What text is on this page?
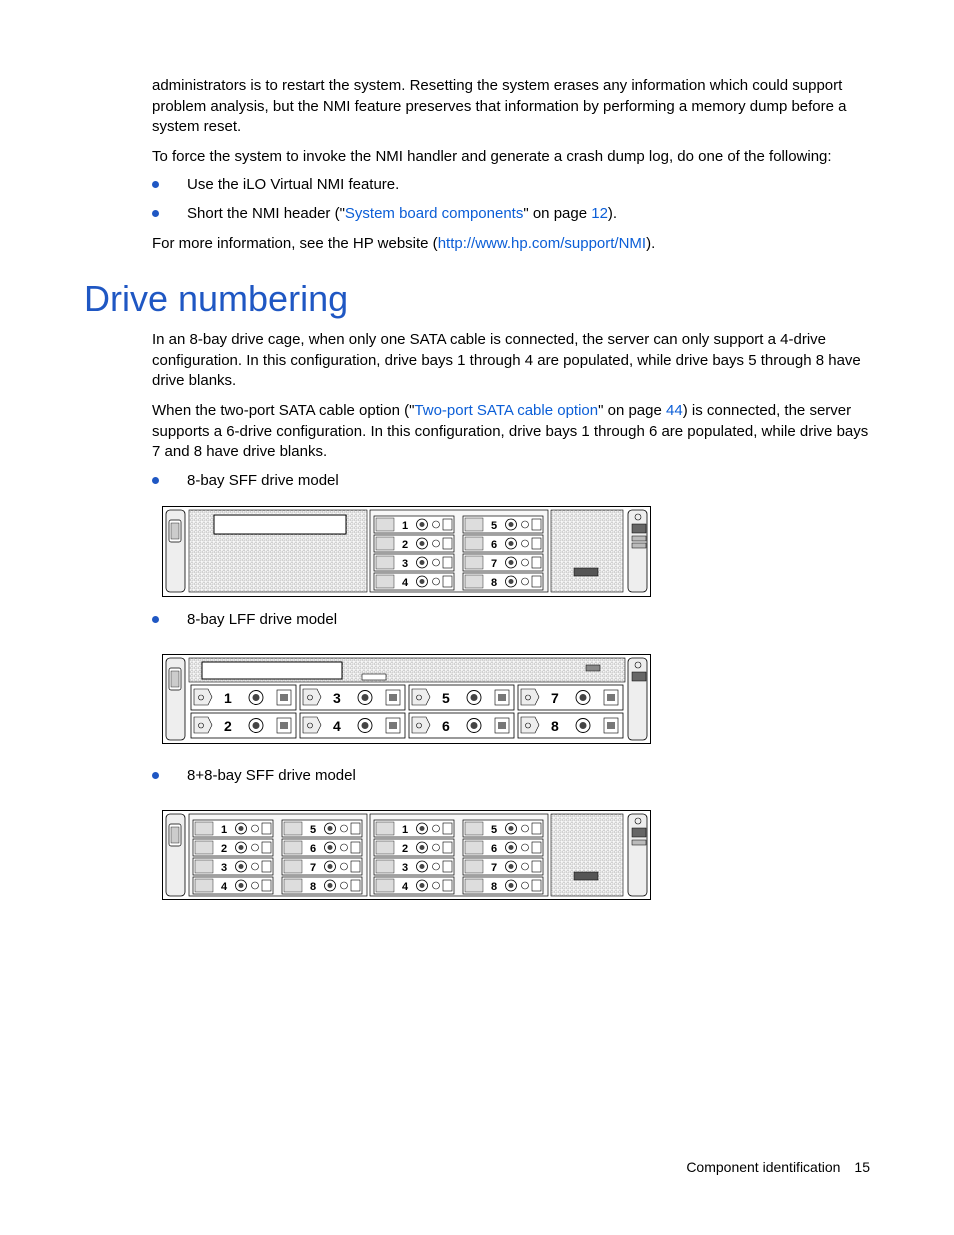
administrators is to restart the system. Resetting the system erases any information which could support problem analysis, but the NMI feature preserves that information by performing a memory dump before a system reset.

To force the system to invoke the NMI handler and generate a crash dump log, do one of the following:

Use the iLO Virtual NMI feature.
Short the NMI header ("System board components" on page 12).

For more information, see the HP website (http://www.hp.com/support/NMI).

Drive numbering

In an 8-bay drive cage, when only one SATA cable is connected, the server can only support a 4-drive configuration. In this configuration, drive bays 1 through 4 are populated, while drive bays 5 through 8 have drive blanks.

When the two-port SATA cable option ("Two-port SATA cable option" on page 44) is connected, the server supports a 6-drive configuration. In this configuration, drive bays 1 through 6 are populated, while drive bays 7 and 8 have drive blanks.

8-bay SFF drive model
1
2
3
4
5
6
7
8
8-bay LFF drive model
1
2
3
4
5
6
7
8
8+8-bay SFF drive model
1
2
3
4
5
6
7
8
1
2
3
4
5
6
7
8
Component identification 15
